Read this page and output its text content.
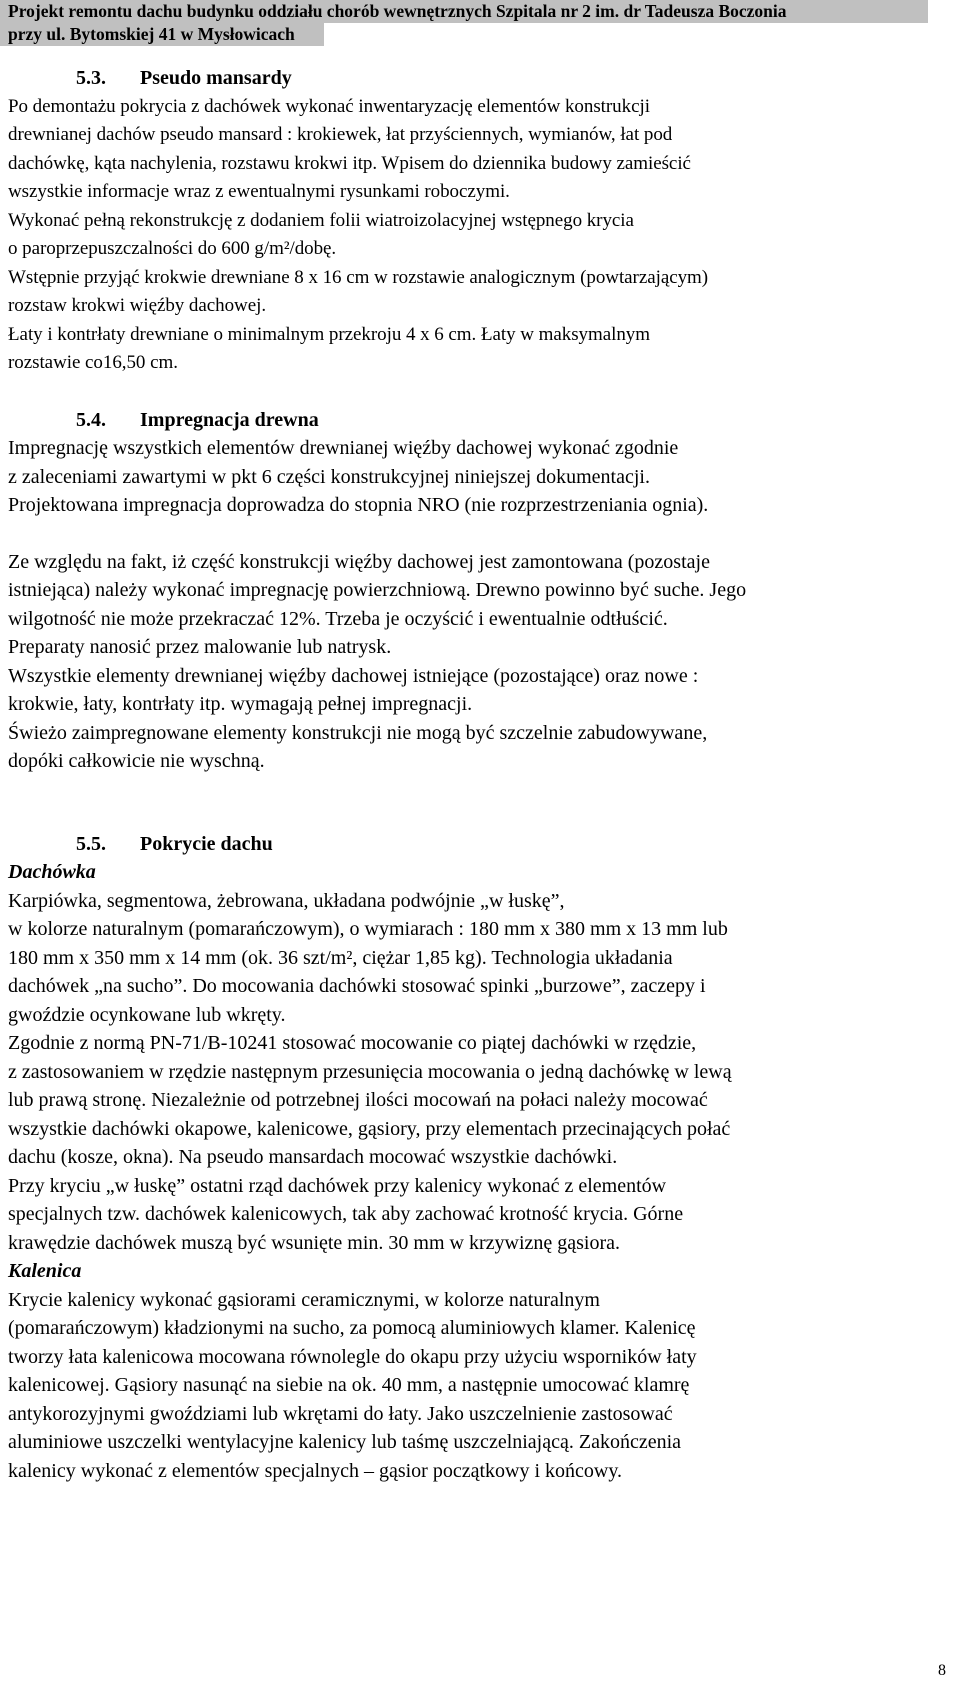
Projekt remontu dachu budynku oddziału chorób wewnętrznych Szpitala nr 2 im. dr Tadeusza Boczonia
przy ul. Bytomskiej 41 w Mysłowicach
5.3. Pseudo mansardy

Po demontażu pokrycia z dachówek wykonać inwentaryzację elementów konstrukcji

drewnianej dachów pseudo mansard : krokiewek, łat przyściennych, wymianów, łat pod

dachówkę, kąta nachylenia, rozstawu krokwi itp. Wpisem do dziennika budowy zamieścić

wszystkie informacje wraz z ewentualnymi rysunkami roboczymi.

Wykonać pełną rekonstrukcję z dodaniem folii wiatroizolacyjnej wstępnego krycia

o paroprzepuszczalności do 600 g/m²/dobę.

Wstępnie przyjąć krokwie drewniane 8 x 16 cm w rozstawie analogicznym (powtarzającym)

rozstaw krokwi więźby dachowej.

Łaty i kontrłaty drewniane o minimalnym przekroju 4 x 6 cm. Łaty w maksymalnym

rozstawie co16,50 cm.

5.4. Impregnacja drewna

Impregnację wszystkich elementów drewnianej więźby dachowej wykonać zgodnie

z zaleceniami zawartymi w pkt 6 części konstrukcyjnej niniejszej dokumentacji.

Projektowana impregnacja doprowadza do stopnia NRO (nie rozprzestrzeniania ognia).

Ze względu na fakt, iż część konstrukcji więźby dachowej jest zamontowana (pozostaje

istniejąca) należy wykonać impregnację powierzchniową. Drewno powinno być suche. Jego

wilgotność nie może przekraczać 12%. Trzeba je oczyścić i ewentualnie odtłuścić.

Preparaty nanosić przez malowanie lub natrysk.

Wszystkie elementy drewnianej więźby dachowej istniejące (pozostające) oraz nowe :

krokwie, łaty, kontrłaty itp. wymagają pełnej impregnacji.

Świeżo zaimpregnowane elementy konstrukcji nie mogą być szczelnie zabudowywane,

dopóki całkowicie nie wyschną.

5.5. Pokrycie dachu
Dachówka

Karpiówka, segmentowa, żebrowana, układana podwójnie „w łuskę”,

w kolorze naturalnym (pomarańczowym), o wymiarach : 180 mm x 380 mm x 13 mm lub

180 mm x 350 mm x 14 mm (ok. 36 szt/m², ciężar 1,85 kg). Technologia układania

dachówek „na sucho”. Do mocowania dachówki stosować spinki „burzowe”, zaczepy i

gwoździe ocynkowane lub wkręty.

Zgodnie z normą PN-71/B-10241 stosować mocowanie co piątej dachówki w rzędzie,

z zastosowaniem w rzędzie następnym przesunięcia mocowania o jedną dachówkę w lewą

lub prawą stronę. Niezależnie od potrzebnej ilości mocowań na połaci należy mocować

wszystkie dachówki okapowe, kalenicowe, gąsiory, przy elementach przecinających połać

dachu (kosze, okna). Na pseudo mansardach mocować wszystkie dachówki.

Przy kryciu „w łuskę” ostatni rząd dachówek przy kalenicy wykonać z elementów

specjalnych tzw. dachówek kalenicowych, tak aby zachować krotność krycia. Górne

krawędzie dachówek muszą być wsunięte min. 30 mm w krzywiznę gąsiora.

Kalenica

Krycie kalenicy wykonać gąsiorami ceramicznymi, w kolorze naturalnym

(pomarańczowym) kładzionymi na sucho, za pomocą aluminiowych klamer. Kalenicę

tworzy łata kalenicowa mocowana równolegle do okapu przy użyciu wsporników łaty

kalenicowej. Gąsiory nasunąć na siebie na ok. 40 mm, a następnie umocować klamrę

antykorozyjnymi gwoździami lub wkrętami do łaty. Jako uszczelnienie zastosować

aluminiowe uszczelki wentylacyjne kalenicy lub taśmę uszczelniającą. Zakończenia

kalenicy wykonać z elementów specjalnych – gąsior początkowy i końcowy.

8
